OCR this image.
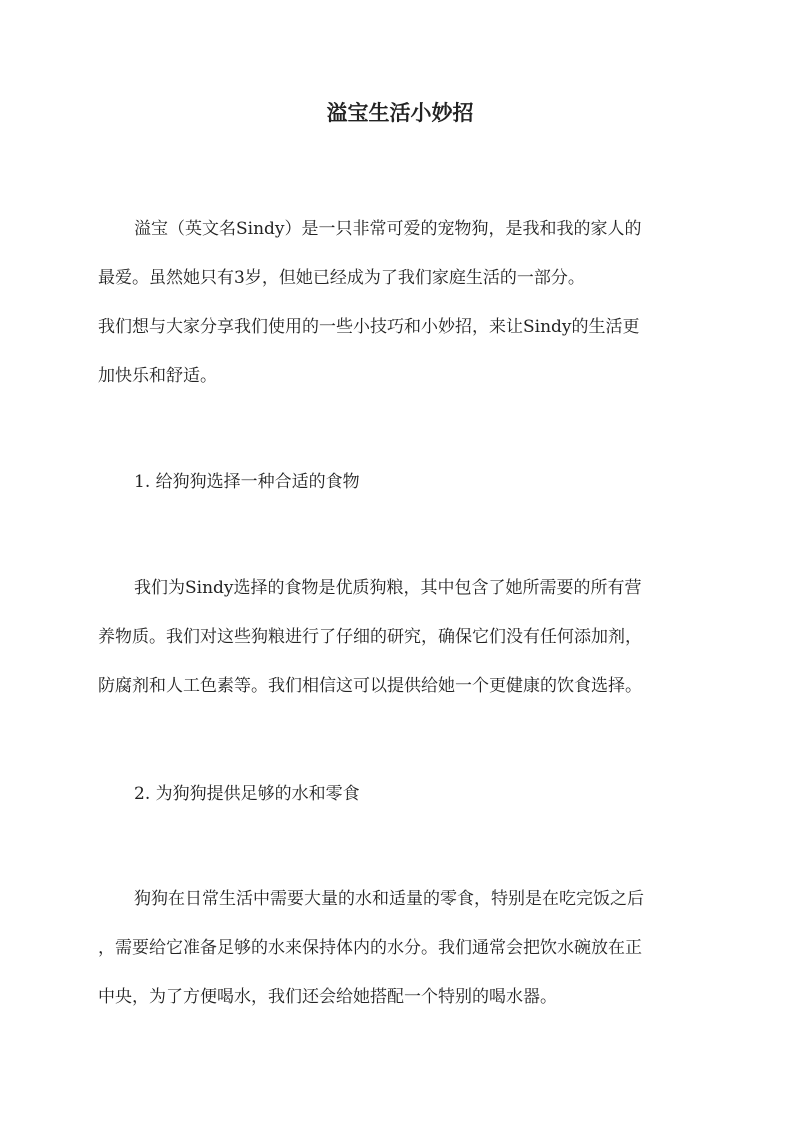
溢宝生活小妙招

溢宝（英文名Sindy）是一只非常可爱的宠物狗，是我和我的家人的

最爱。虽然她只有3岁，但她已经成为了我们家庭生活的一部分。

我们想与大家分享我们使用的一些小技巧和小妙招，来让Sindy的生活更

加快乐和舒适。

1. 给狗狗选择一种合适的食物

我们为Sindy选择的食物是优质狗粮，其中包含了她所需要的所有营

养物质。我们对这些狗粮进行了仔细的研究，确保它们没有任何添加剂，

防腐剂和人工色素等。我们相信这可以提供给她一个更健康的饮食选择。

2. 为狗狗提供足够的水和零食

狗狗在日常生活中需要大量的水和适量的零食，特别是在吃完饭之后

，需要给它准备足够的水来保持体内的水分。我们通常会把饮水碗放在正

中央，为了方便喝水，我们还会给她搭配一个特别的喝水器。
